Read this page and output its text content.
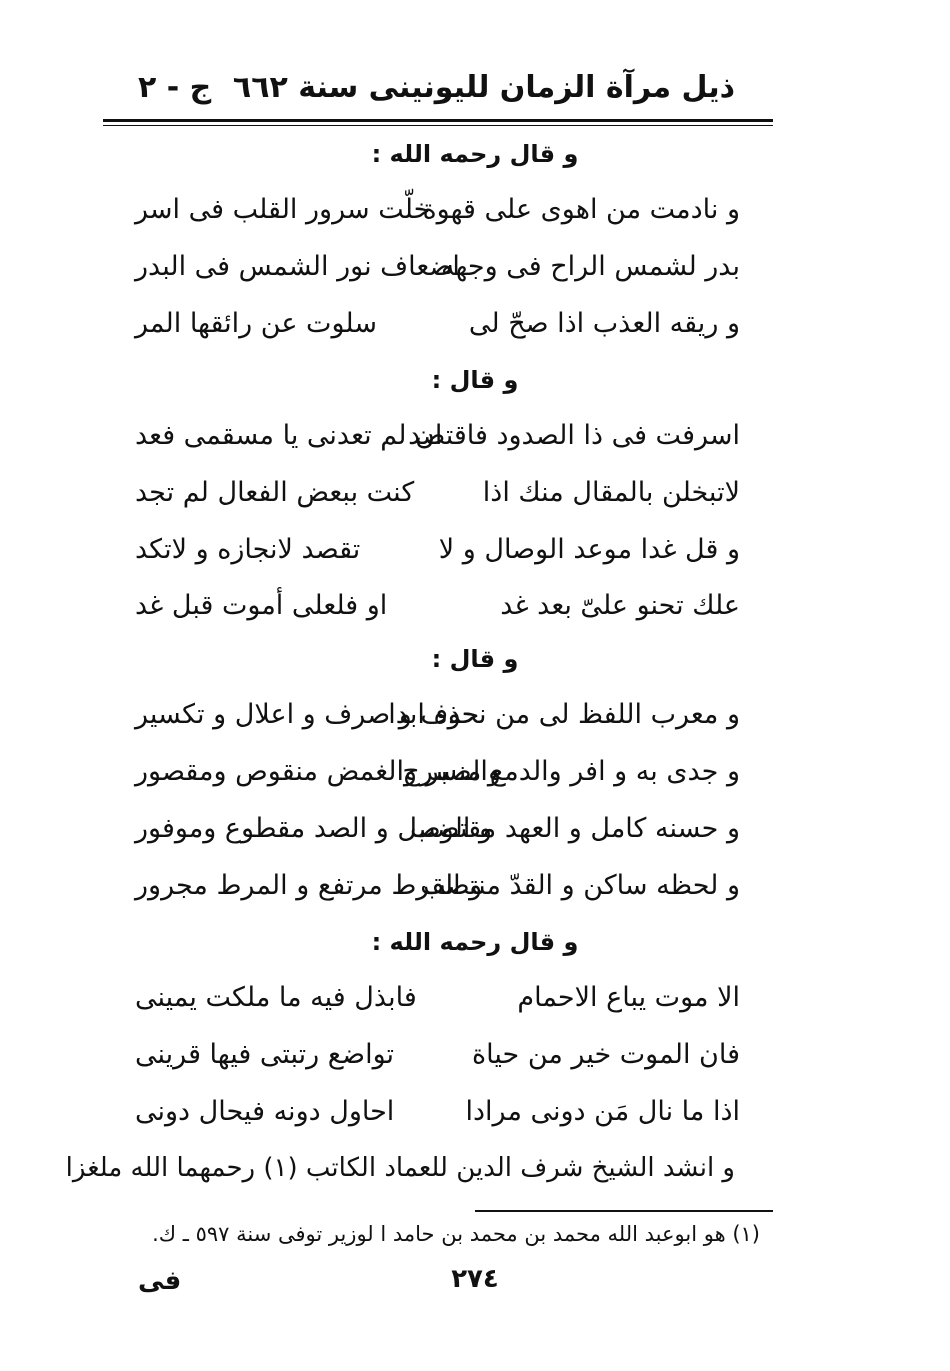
ذيل مرآة الزمان لليونينى سنة ٦٦٢
ج - ٢
و قال رحمه الله :
و نادمت من اهوى على قهوة
خلّت سرور القلب فى اسر
بدر لشمس الراح فى وجهه
اضعاف نور الشمس فى البدر
و ريقه العذب اذا صحّ لى
سلوت عن رائقها المر
و قال :
اسرفت فى ذا الصدود فاقتصد
ان لم تعدنى يا مسقمى فعد
لاتبخلن بالمقال منك اذا
كنت ببعض الفعال لم تجد
و قل غدا موعد الوصال و لا
تقصد لانجازه و لاتكد
علك تحنو علىّ بعد غد
او فلعلى أموت قبل غد
و قال :
و معرب اللفظ لى من نحوه ابدا
حذف و صرف و اعلال و تكسير
و جدى به و افر والدمع منسرح
والصبر والغمض منقوص ومقصور
و حسنه كامل و العهد مقتضب
و الوصل و الصد مقطوع وموفور
و لحظه ساكن و القدّ منتصب
و القرط مرتفع و المرط مجرور
و قال رحمه الله :
الا موت يباع الاحمام
فابذل فيه ما ملكت يمينى
فان الموت خير من حياة
تواضع رتبتى فيها قرينى
اذا ما نال مَن دونى مرادا
احاول دونه فيحال دونى
و انشد الشيخ شرف الدين للعماد الكاتب (١) رحمهما الله ملغزا
(١) هو ابوعبد الله محمد بن محمد بن حامد ا لوزير توفى سنة ٥٩٧ ـ ك.
٢٧٤
فى
